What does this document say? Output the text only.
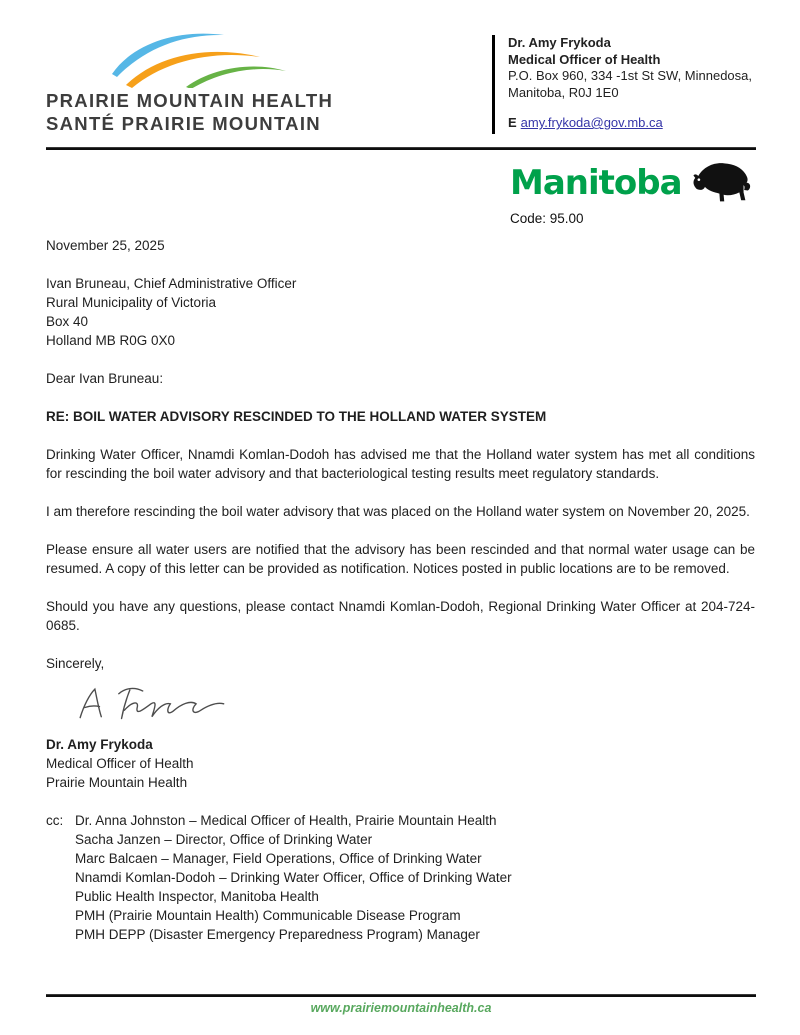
PRAIRIE MOUNTAIN HEALTH
SANTÉ PRAIRIE MOUNTAIN
Dr. Amy Frykoda
Medical Officer of Health
P.O. Box 960, 334 -1st St SW, Minnedosa,
Manitoba, R0J 1E0
E amy.frykoda@gov.mb.ca
Manitoba
Code: 95.00
November 25, 2025
Ivan Bruneau, Chief Administrative Officer
Rural Municipality of Victoria
Box 40
Holland MB R0G 0X0
Dear Ivan Bruneau:
RE: BOIL WATER ADVISORY RESCINDED TO THE HOLLAND WATER SYSTEM
Drinking Water Officer, Nnamdi Komlan-Dodoh has advised me that the Holland water system has met all conditions for rescinding the boil water advisory and that bacteriological testing results meet regulatory standards.
I am therefore rescinding the boil water advisory that was placed on the Holland water system on November 20, 2025.
Please ensure all water users are notified that the advisory has been rescinded and that normal water usage can be resumed. A copy of this letter can be provided as notification. Notices posted in public locations are to be removed.
Should you have any questions, please contact Nnamdi Komlan-Dodoh, Regional Drinking Water Officer at 204-724-0685.
Sincerely,
Dr. Amy Frykoda
Medical Officer of Health
Prairie Mountain Health
cc: Dr. Anna Johnston – Medical Officer of Health, Prairie Mountain Health
Sacha Janzen – Director, Office of Drinking Water
Marc Balcaen – Manager, Field Operations, Office of Drinking Water
Nnamdi Komlan-Dodoh – Drinking Water Officer, Office of Drinking Water
Public Health Inspector, Manitoba Health
PMH (Prairie Mountain Health) Communicable Disease Program
PMH DEPP (Disaster Emergency Preparedness Program) Manager
www.prairiemountainhealth.ca
